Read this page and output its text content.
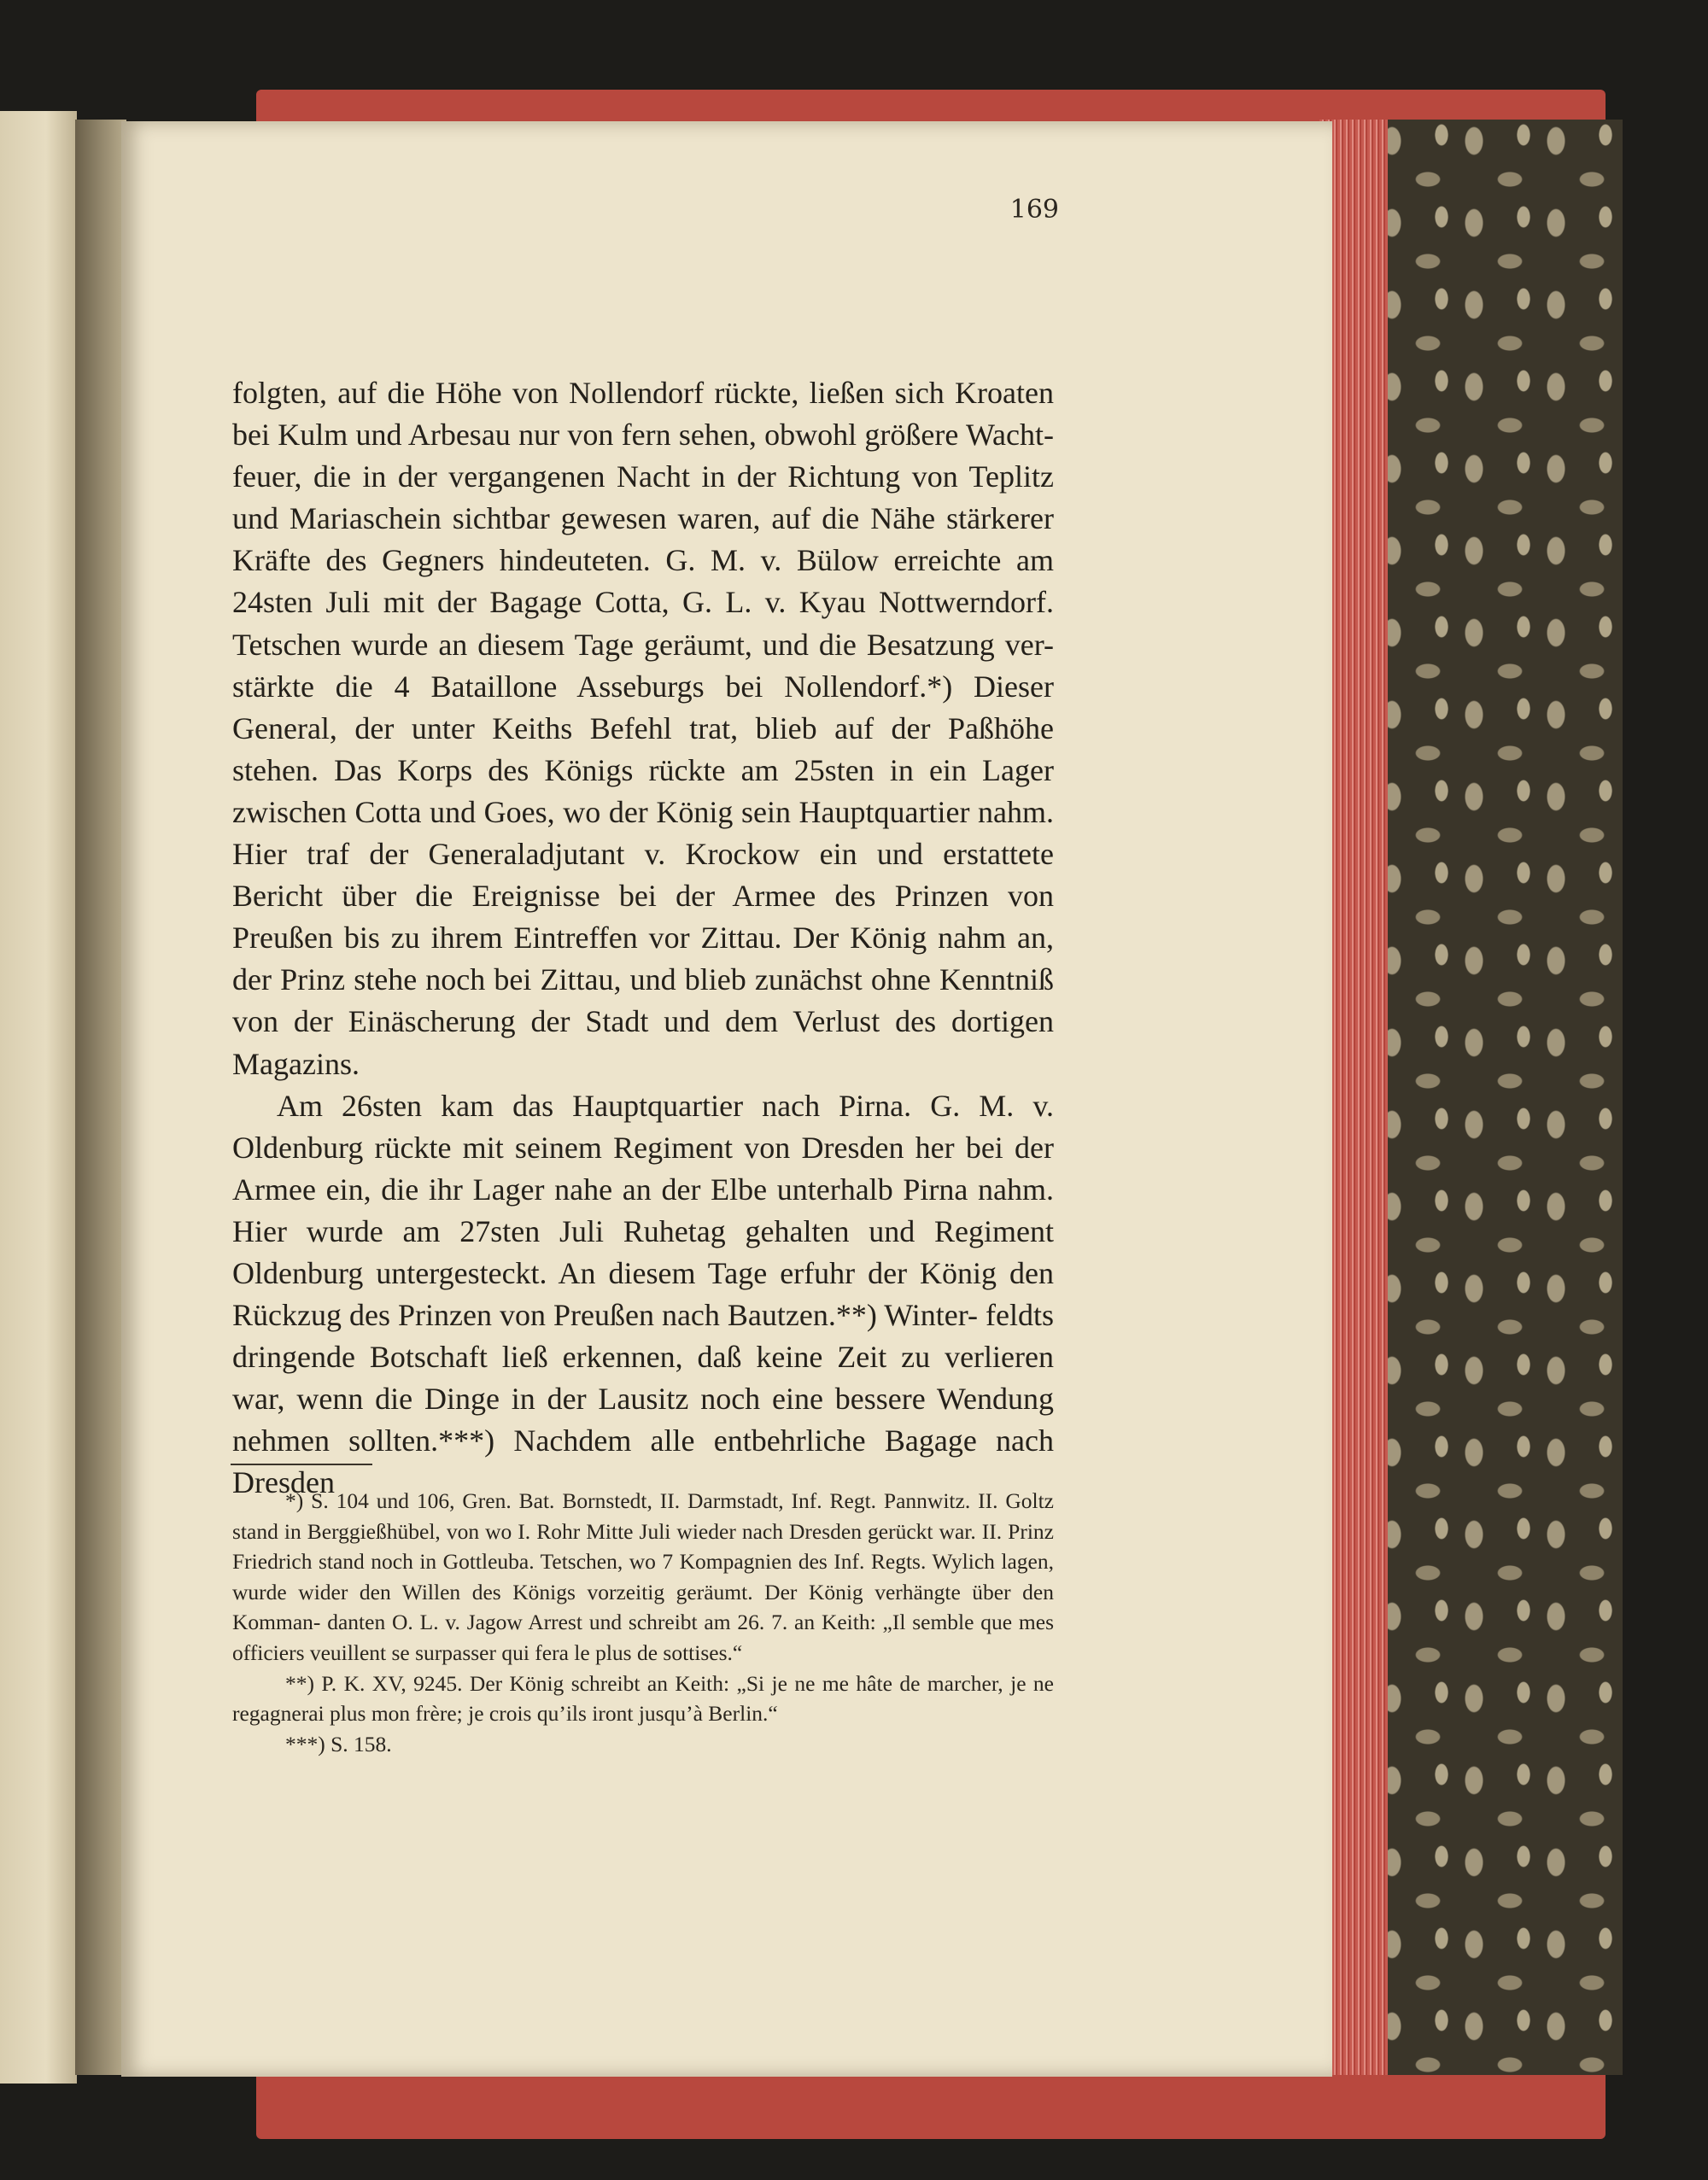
169

folgten, auf die Höhe von Nollendorf rückte, ließen sich Kroaten bei Kulm und Arbesau nur von fern sehen, obwohl größere Wacht- feuer, die in der vergangenen Nacht in der Richtung von Teplitz und Mariaschein sichtbar gewesen waren, auf die Nähe stärkerer Kräfte des Gegners hindeuteten. G. M. v. Bülow erreichte am 24sten Juli mit der Bagage Cotta, G. L. v. Kyau Nottwerndorf. Tetschen wurde an diesem Tage geräumt, und die Besatzung ver- stärkte die 4 Bataillone Asseburgs bei Nollendorf.*) Dieser General, der unter Keiths Befehl trat, blieb auf der Paßhöhe stehen. Das Korps des Königs rückte am 25sten in ein Lager zwischen Cotta und Goes, wo der König sein Hauptquartier nahm. Hier traf der Generaladjutant v. Krockow ein und erstattete Bericht über die Ereignisse bei der Armee des Prinzen von Preußen bis zu ihrem Eintreffen vor Zittau. Der König nahm an, der Prinz stehe noch bei Zittau, und blieb zunächst ohne Kenntniß von der Einäscherung der Stadt und dem Verlust des dortigen Magazins.

Am 26sten kam das Hauptquartier nach Pirna. G. M. v. Oldenburg rückte mit seinem Regiment von Dresden her bei der Armee ein, die ihr Lager nahe an der Elbe unterhalb Pirna nahm. Hier wurde am 27sten Juli Ruhetag gehalten und Regiment Oldenburg untergesteckt. An diesem Tage erfuhr der König den Rückzug des Prinzen von Preußen nach Bautzen.**) Winter- feldts dringende Botschaft ließ erkennen, daß keine Zeit zu verlieren war, wenn die Dinge in der Lausitz noch eine bessere Wendung nehmen sollten.***) Nachdem alle entbehrliche Bagage nach Dresden

*) S. 104 und 106, Gren. Bat. Bornstedt, II. Darmstadt, Inf. Regt. Pannwitz. II. Goltz stand in Berggießhübel, von wo I. Rohr Mitte Juli wieder nach Dresden gerückt war. II. Prinz Friedrich stand noch in Gottleuba. Tetschen, wo 7 Kompagnien des Inf. Regts. Wylich lagen, wurde wider den Willen des Königs vorzeitig geräumt. Der König verhängte über den Komman- danten O. L. v. Jagow Arrest und schreibt am 26. 7. an Keith: „Il semble que mes officiers veuillent se surpasser qui fera le plus de sottises.“

**) P. K. XV, 9245. Der König schreibt an Keith: „Si je ne me hâte de marcher, je ne regagnerai plus mon frère; je crois qu’ils iront jusqu’à Berlin.“

***) S. 158.
